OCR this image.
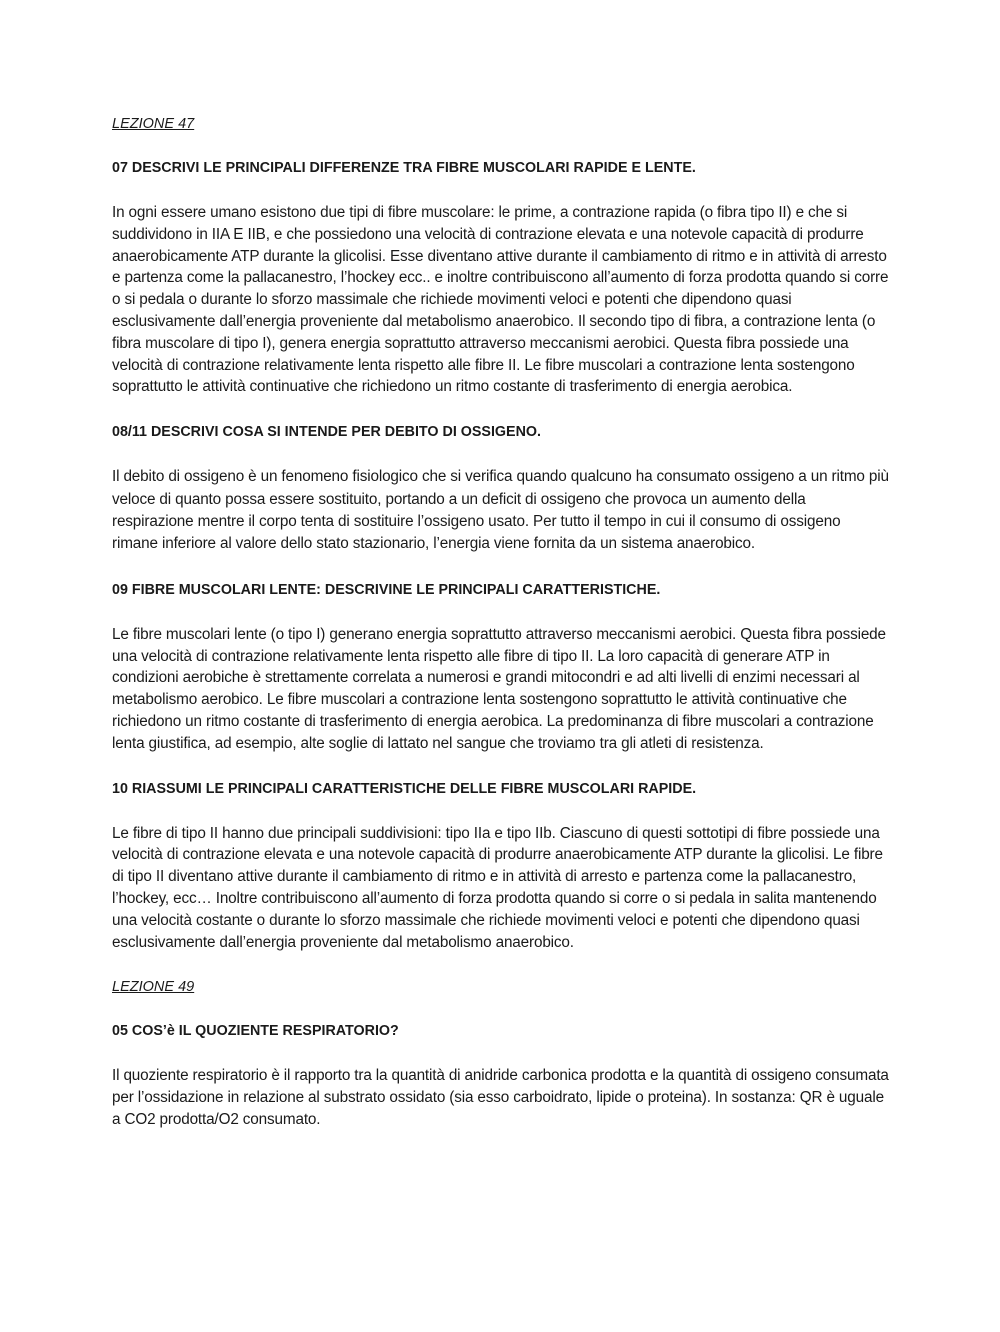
LEZIONE 47
07 DESCRIVI LE PRINCIPALI DIFFERENZE TRA FIBRE MUSCOLARI RAPIDE E LENTE.

In ogni essere umano esistono due tipi di fibre muscolare: le prime, a contrazione rapida (o fibra tipo II) e che si suddividono in IIA E IIB, e che possiedono una velocità di contrazione elevata e una notevole capacità di produrre anaerobicamente ATP durante la glicolisi. Esse diventano attive durante il cambiamento di ritmo e in attività di arresto e partenza come la pallacanestro, l’hockey ecc.. e inoltre contribuiscono all’aumento di forza prodotta quando si corre o si pedala o durante lo sforzo massimale che richiede movimenti veloci e potenti che dipendono quasi esclusivamente dall’energia proveniente dal metabolismo anaerobico. Il secondo tipo di fibra, a contrazione lenta (o fibra muscolare di tipo I), genera energia soprattutto attraverso meccanismi aerobici. Questa fibra possiede una velocità di contrazione relativamente lenta rispetto alle fibre II. Le fibre muscolari a contrazione lenta sostengono soprattutto le attività continuative che richiedono un ritmo costante di trasferimento di energia aerobica.

08/11 DESCRIVI COSA SI INTENDE PER DEBITO DI OSSIGENO.

Il debito di ossigeno è un fenomeno fisiologico che si verifica quando qualcuno ha consumato ossigeno a un ritmo più veloce di quanto possa essere sostituito, portando a un deficit di ossigeno che provoca un aumento della respirazione mentre il corpo tenta di sostituire l’ossigeno usato. Per tutto il tempo in cui il consumo di ossigeno rimane inferiore al valore dello stato stazionario, l’energia viene fornita da un sistema anaerobico.

09 FIBRE MUSCOLARI LENTE: DESCRIVINE LE PRINCIPALI CARATTERISTICHE.

Le fibre muscolari lente (o tipo I) generano energia soprattutto attraverso meccanismi aerobici. Questa fibra possiede una velocità di contrazione relativamente lenta rispetto alle fibre di tipo II. La loro capacità di generare ATP in condizioni aerobiche è strettamente correlata a numerosi e grandi mitocondri e ad alti livelli di enzimi necessari al metabolismo aerobico. Le fibre muscolari a contrazione lenta sostengono soprattutto le attività continuative che richiedono un ritmo costante di trasferimento di energia aerobica. La predominanza di fibre muscolari a contrazione lenta giustifica, ad esempio, alte soglie di lattato nel sangue che troviamo tra gli atleti di resistenza.

10 RIASSUMI LE PRINCIPALI CARATTERISTICHE DELLE FIBRE MUSCOLARI RAPIDE.

Le fibre di tipo II hanno due principali suddivisioni: tipo IIa e tipo IIb. Ciascuno di questi sottotipi di fibre possiede una velocità di contrazione elevata e una notevole capacità di produrre anaerobicamente ATP durante la glicolisi. Le fibre di tipo II diventano attive durante il cambiamento di ritmo e in attività di arresto e partenza come la pallacanestro, l’hockey, ecc… Inoltre contribuiscono all’aumento di forza prodotta quando si corre o si pedala in salita mantenendo una velocità costante o durante lo sforzo massimale che richiede movimenti veloci e potenti che dipendono quasi esclusivamente dall’energia proveniente dal metabolismo anaerobico.

LEZIONE 49
05 COS’è IL QUOZIENTE RESPIRATORIO?

Il quoziente respiratorio è il rapporto tra la quantità di anidride carbonica prodotta e la quantità di ossigeno consumata per l’ossidazione in relazione al substrato ossidato (sia esso carboidrato, lipide o proteina). In sostanza: QR è uguale a CO2 prodotta/O2 consumato.
